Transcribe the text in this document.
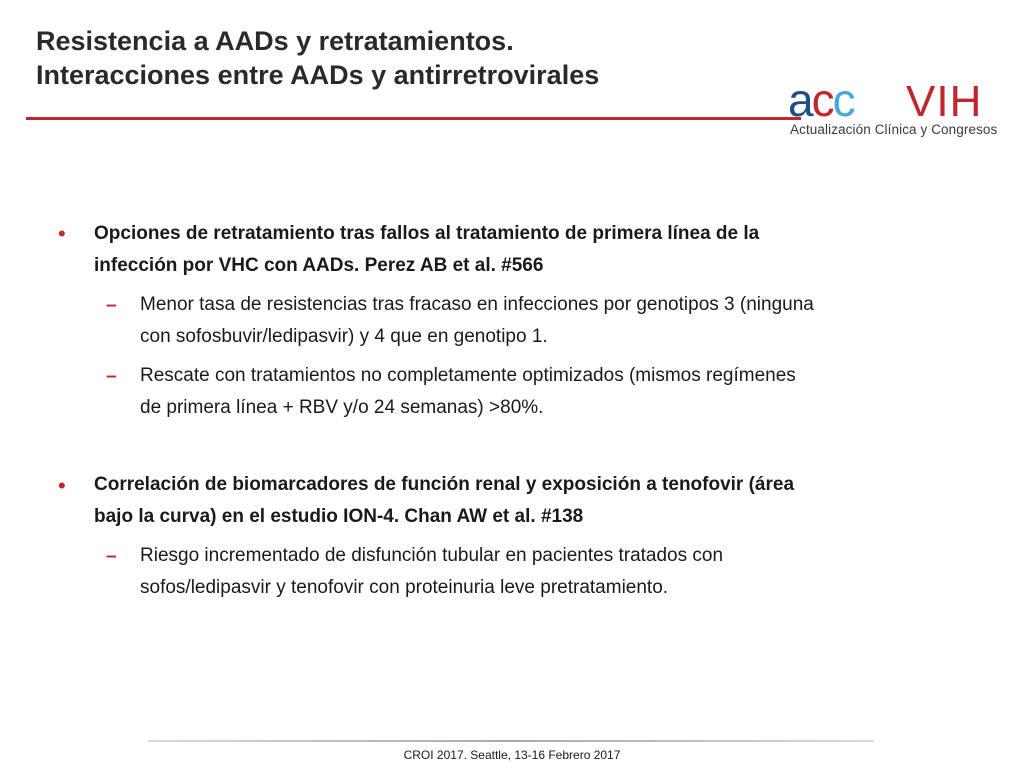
Resistencia a AADs y retratamientos.
Interacciones entre AADs y antirretrovirales	acc VIH
Actualización Clínica y Congresos
• Opciones de retratamiento tras fallos al tratamiento de primera línea de la
infección por VHC con AADs. Perez AB et al. #566
– Menor tasa de resistencias tras fracaso en infecciones por genotipos 3 (ninguna
con sofosbuvir/ledipasvir) y 4 que en genotipo 1.
– Rescate con tratamientos no completamente optimizados (mismos regímenes
de primera línea + RBV y/o 24 semanas) >80%.
• Correlación de biomarcadores de función renal y exposición a tenofovir (área
bajo la curva) en el estudio ION-4. Chan AW et al. #138
– Riesgo incrementado de disfunción tubular en pacientes tratados con
sofos/ledipasvir y tenofovir con proteinuria leve pretratamiento.
CROI 2017. Seattle, 13-16 Febrero 2017
